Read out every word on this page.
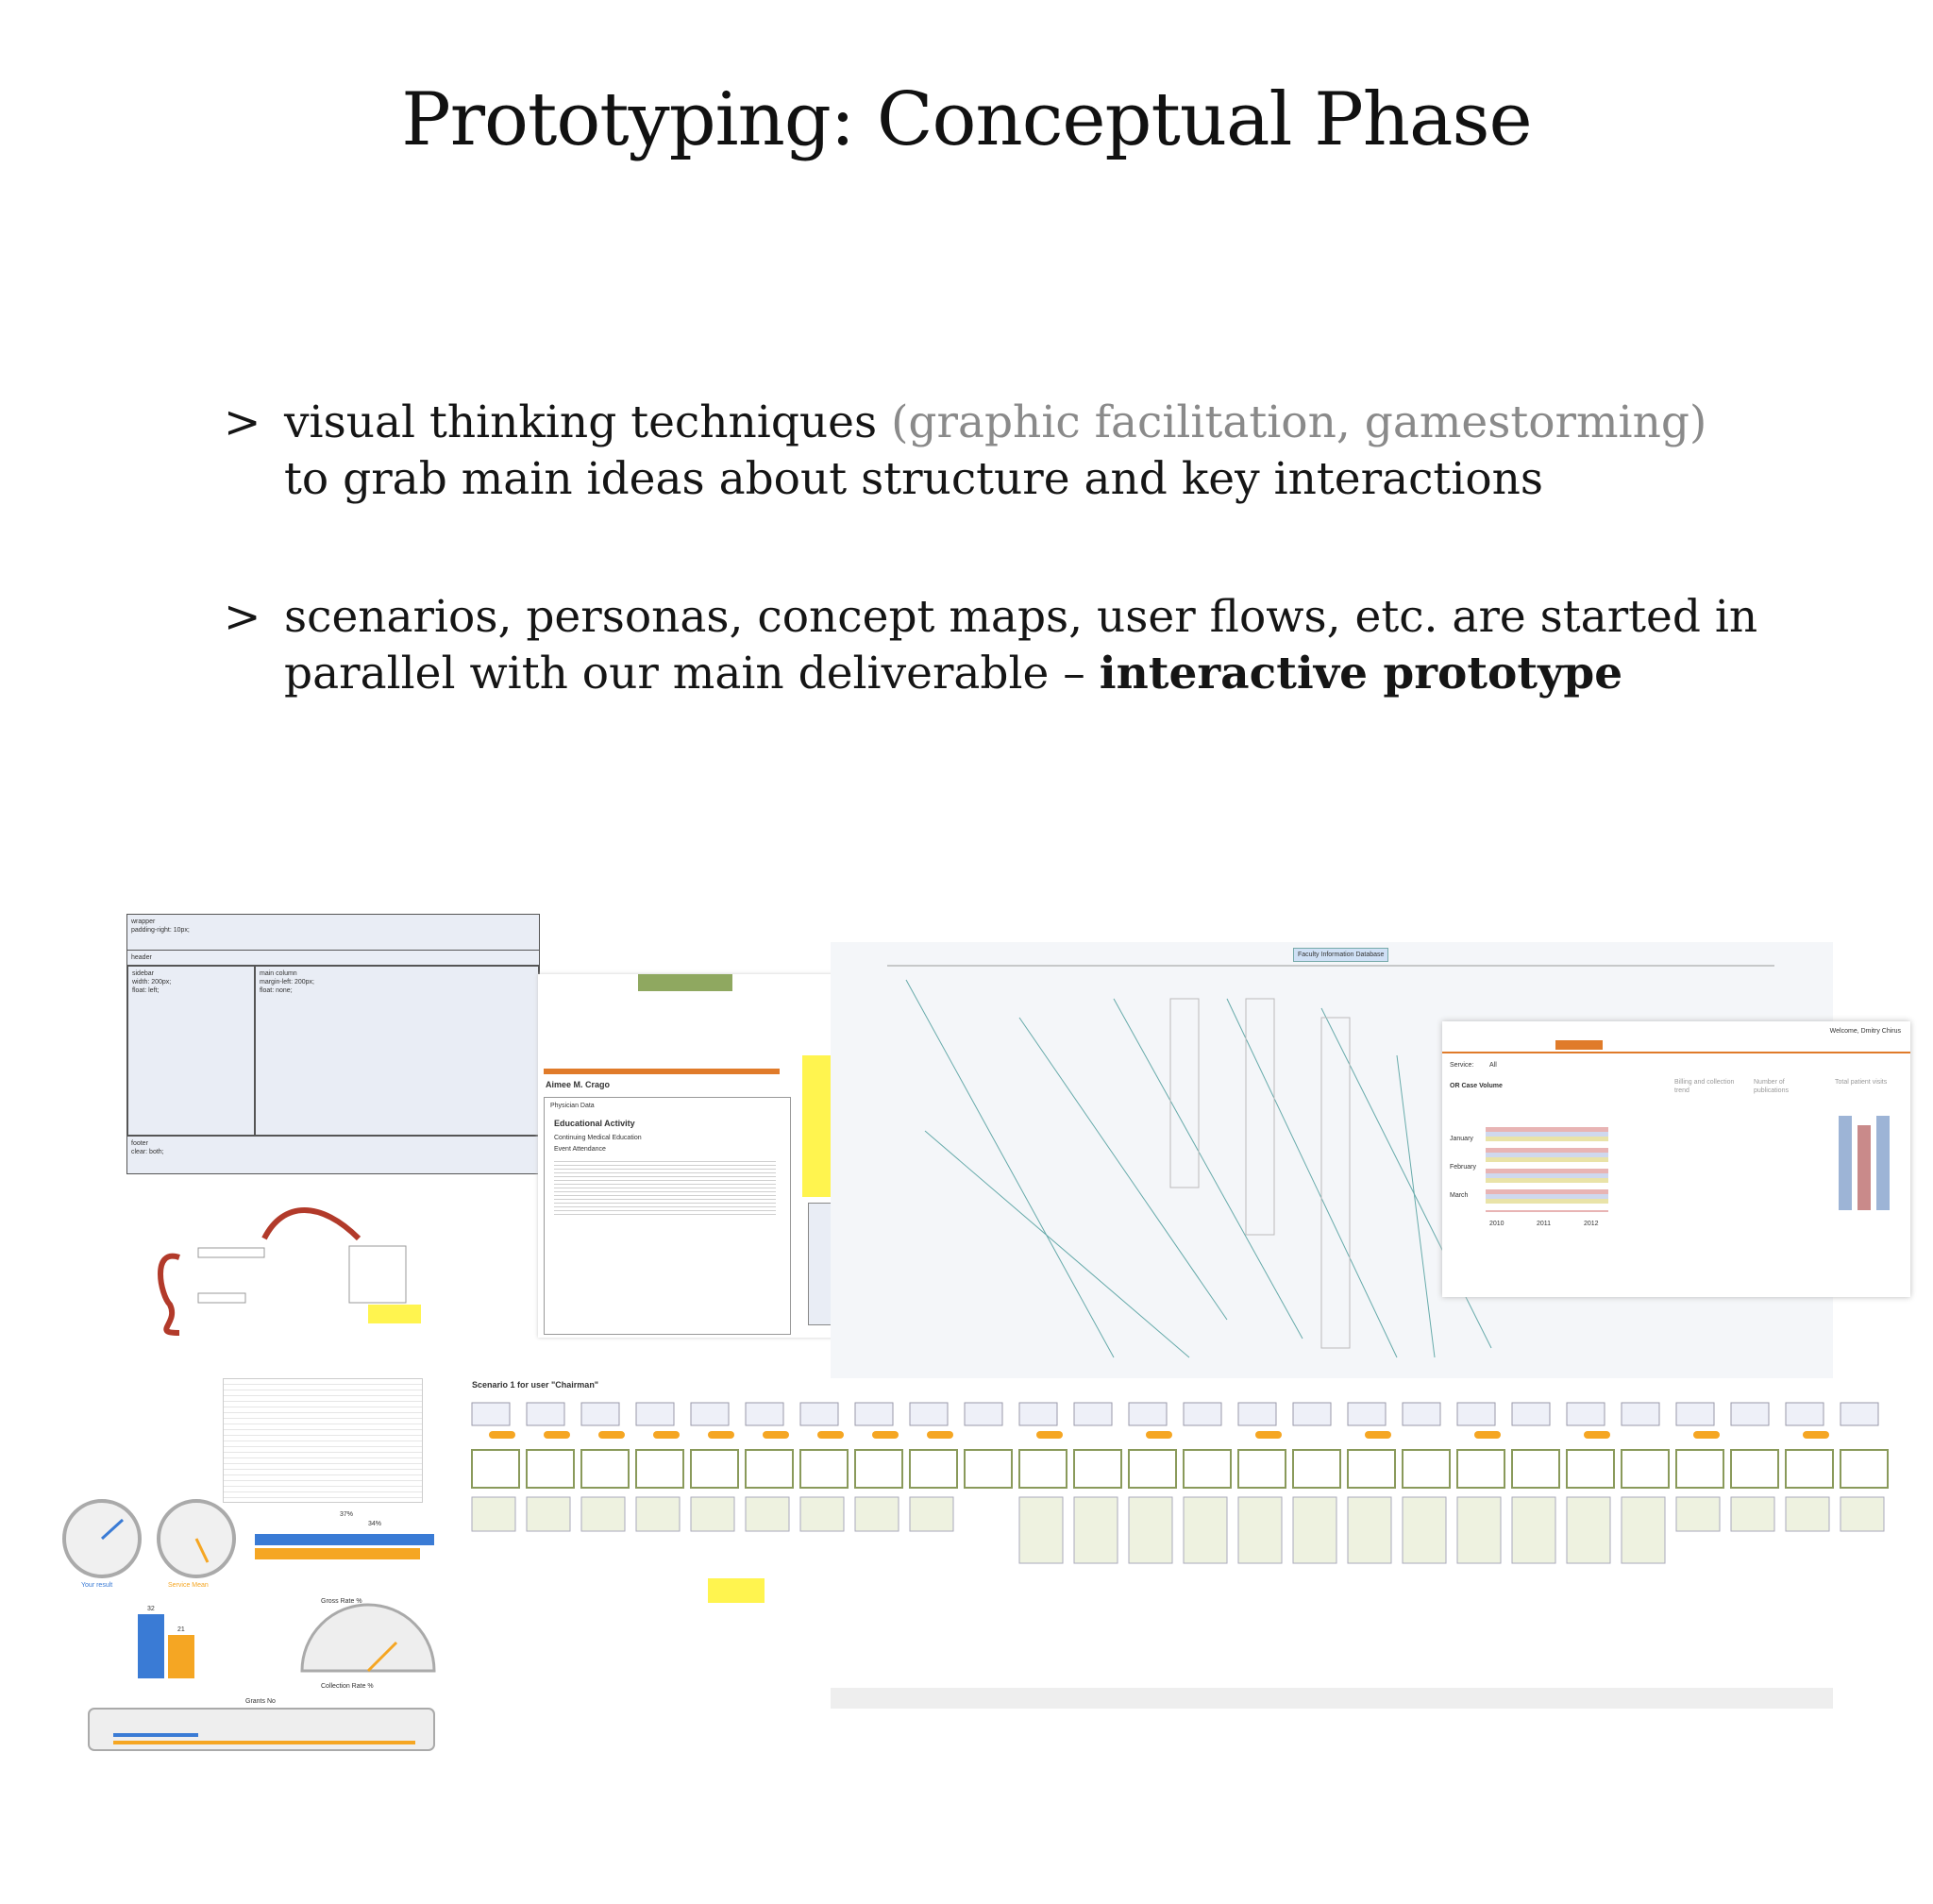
Prototyping: Conceptual Phase
> visual thinking techniques (graphic facilitation, gamestorming)
to grab main ideas about structure and key interactions
> scenarios, personas, concept maps, user flows, etc. are started in
parallel with our main deliverable – interactive prototype
wrapper
padding-right: 10px;
header
sidebar
width: 200px;
float: left;
main column
margin-left: 200px;
float: none;
footer
clear: both;
Aimee M. Crago
Physician Data
Educational Activity
Continuing Medical Education
Event Attendance
Faculty Information Database
Welcome, Dmitry Chirus
Service: All
OR Case Volume
January
February
March
2010	2011	2012
Billing and collection trend
Number of publications
Total patient visits
Scenario 1 for user "Chairman"
37%
34%
Your result	Service Mean
Gross Rate %
32
21
Collection Rate %
Grants No
